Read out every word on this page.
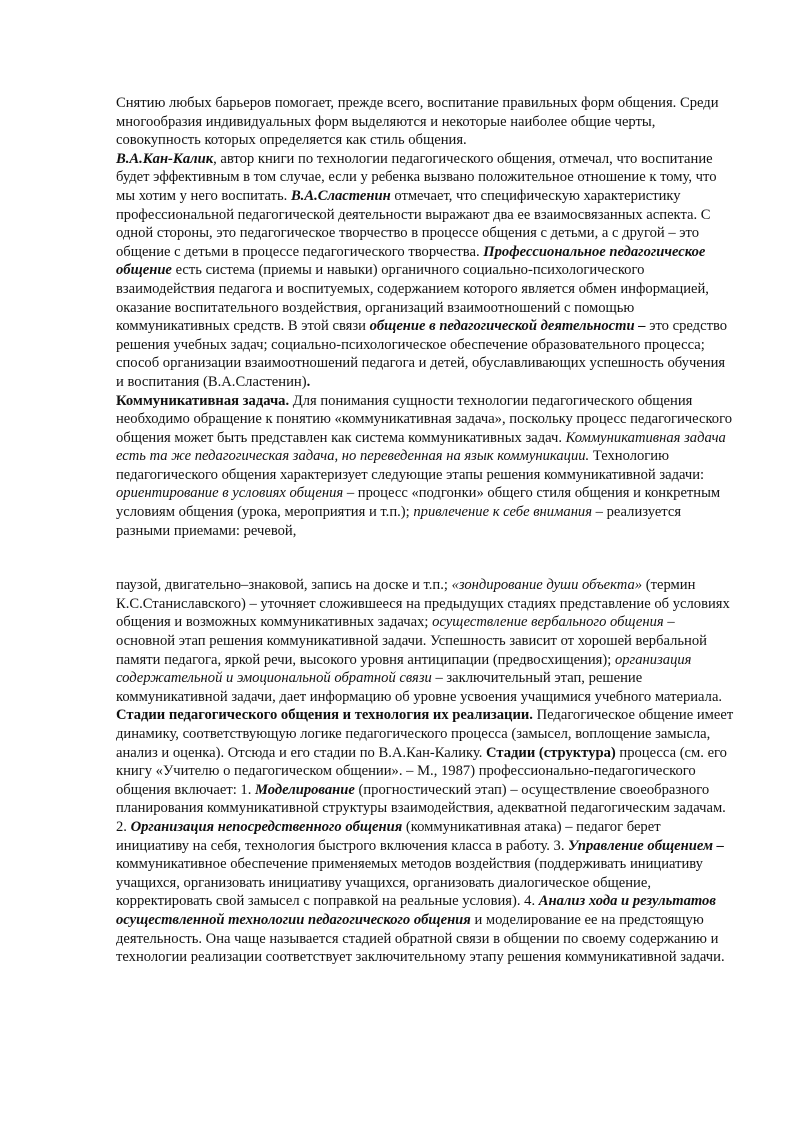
Снятию любых барьеров помогает, прежде всего, воспитание правильных форм общения. Среди многообразия индивидуальных форм выделяются и некоторые наиболее общие черты, совокупность которых определяется как стиль общения.

В.А.Кан-Калик, автор книги по технологии педагогического общения, отмечал, что воспитание будет эффективным в том случае, если у ребенка вызвано положительное отношение к тому, что мы хотим у него воспитать. В.А.Сластенин отмечает, что специфическую характеристику профессиональной педагогической деятельности выражают два ее взаимосвязанных аспекта. С одной стороны, это педагогическое творчество в процессе общения с детьми, а с другой – это общение с детьми в процессе педагогического творчества. Профессиональное педагогическое общение есть система (приемы и навыки) органичного социально-психологического взаимодействия педагога и воспитуемых, содержанием которого является обмен информацией, оказание воспитательного воздействия, организаций взаимоотношений с помощью коммуникативных средств. В этой связи общение в педагогической деятельности – это средство решения учебных задач; социально-психологическое обеспечение образовательного процесса; способ организации взаимоотношений педагога и детей, обуславливающих успешность обучения и воспитания (В.А.Сластенин).

Коммуникативная задача. Для понимания сущности технологии педагогического общения необходимо обращение к понятию «коммуникативная задача», поскольку процесс педагогического общения может быть представлен как система коммуникативных задач. Коммуникативная задача есть та же педагогическая задача, но переведенная на язык коммуникации. Технологию педагогического общения характеризует следующие этапы решения коммуникативной задачи: ориентирование в условиях общения – процесс «подгонки» общего стиля общения и конкретным условиям общения (урока, мероприятия и т.п.); привлечение к себе внимания – реализуется разными приемами: речевой,

паузой, двигательно–знаковой, запись на доске и т.п.; «зондирование души объекта» (термин К.С.Станиславского) – уточняет сложившееся на предыдущих стадиях представление об условиях общения и возможных коммуникативных задачах; осуществление вербального общения – основной этап решения коммуникативной задачи. Успешность зависит от хорошей вербальной памяти педагога, яркой речи, высокого уровня антиципации (предвосхищения); организация содержательной и эмоциональной обратной связи – заключительный этап, решение коммуникативной задачи, дает информацию об уровне усвоения учащимися учебного материала.

Стадии педагогического общения и технология их реализации. Педагогическое общение имеет динамику, соответствующую логике педагогического процесса (замысел, воплощение замысла, анализ и оценка). Отсюда и его стадии по В.А.Кан-Калику. Стадии (структура) процесса (см. его книгу «Учителю о педагогическом общении». – М., 1987) профессионально-педагогического общения включает: 1. Моделирование (прогностический этап) – осуществление своеобразного планирования коммуникативной структуры взаимодействия, адекватной педагогическим задачам. 2. Организация непосредственного общения (коммуникативная атака) – педагог берет инициативу на себя, технология быстрого включения класса в работу. 3. Управление общением – коммуникативное обеспечение применяемых методов воздействия (поддерживать инициативу учащихся, организовать инициативу учащихся, организовать диалогическое общение, корректировать свой замысел с поправкой на реальные условия). 4. Анализ хода и результатов осуществленной технологии педагогического общения и моделирование ее на предстоящую деятельность. Она чаще называется стадией обратной связи в общении по своему содержанию и технологии реализации соответствует заключительному этапу решения коммуникативной задачи.
